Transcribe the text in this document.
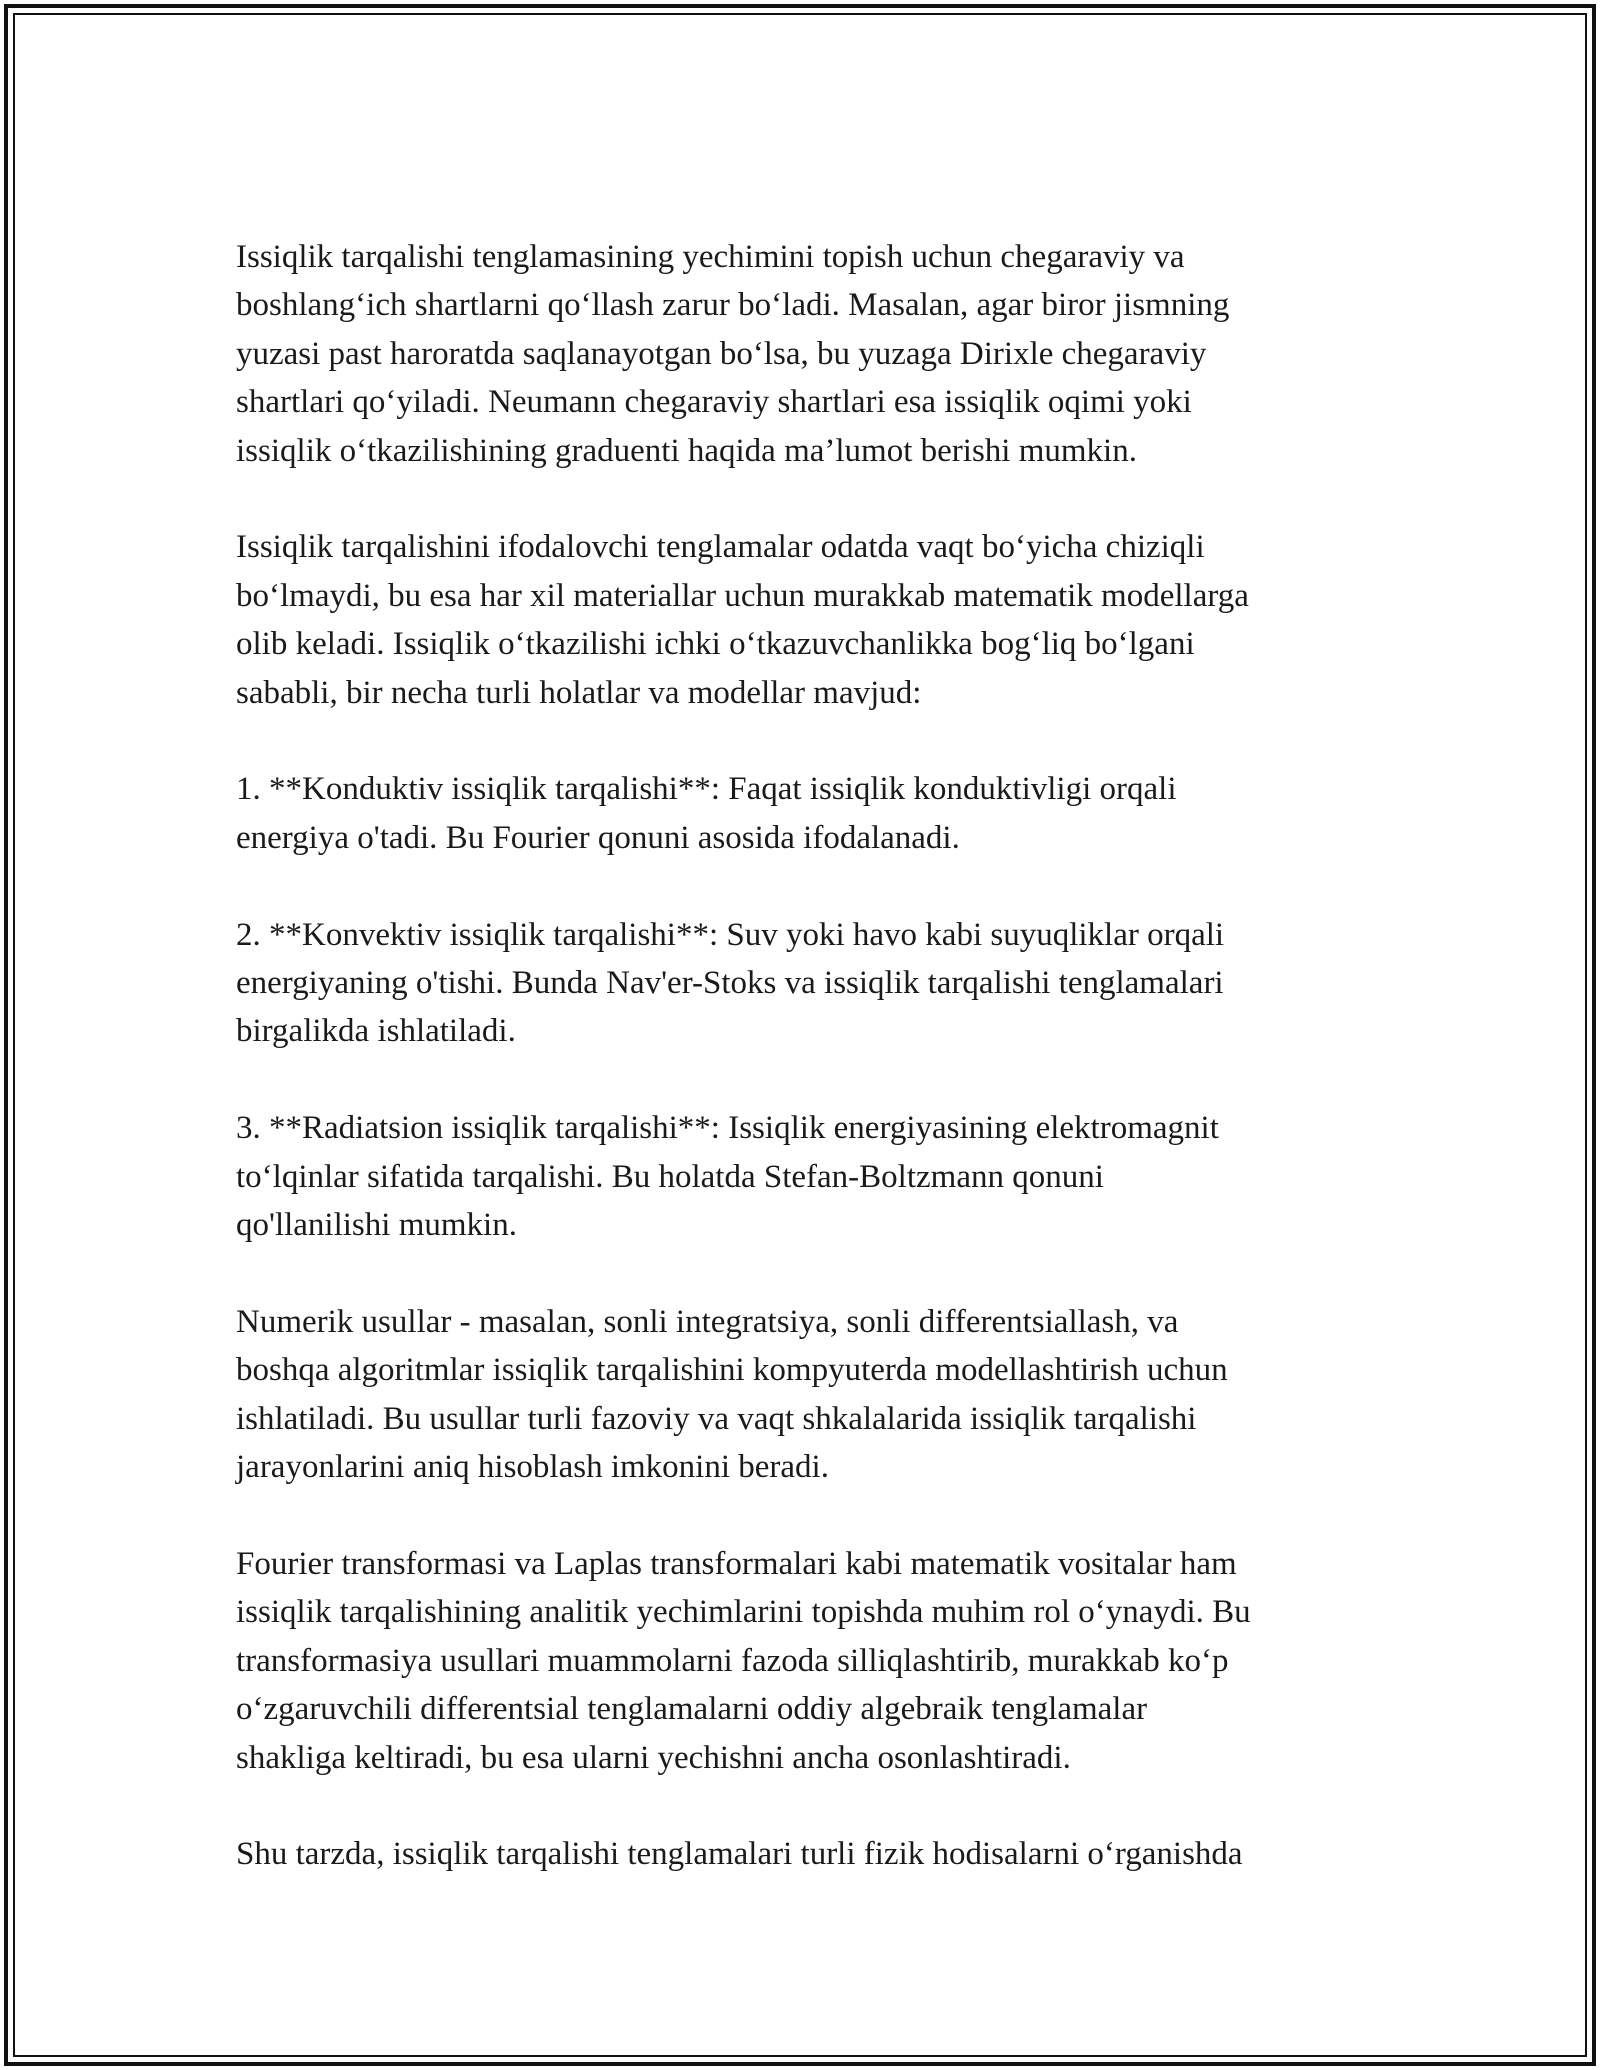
Issiqlik tarqalishi tenglamasining yechimini topish uchun chegaraviy va
boshlang‘ich shartlarni qo‘llash zarur bo‘ladi. Masalan, agar biror jismning
yuzasi past haroratda saqlanayotgan bo‘lsa, bu yuzaga Dirixle chegaraviy
shartlari qo‘yiladi. Neumann chegaraviy shartlari esa issiqlik oqimi yoki
issiqlik o‘tkazilishining graduenti haqida ma’lumot berishi mumkin.

Issiqlik tarqalishini ifodalovchi tenglamalar odatda vaqt bo‘yicha chiziqli
bo‘lmaydi, bu esa har xil materiallar uchun murakkab matematik modellarga
olib keladi. Issiqlik o‘tkazilishi ichki o‘tkazuvchanlikka bog‘liq bo‘lgani
sababli, bir necha turli holatlar va modellar mavjud:

1. **Konduktiv issiqlik tarqalishi**: Faqat issiqlik konduktivligi orqali
energiya o'tadi. Bu Fourier qonuni asosida ifodalanadi.

2. **Konvektiv issiqlik tarqalishi**: Suv yoki havo kabi suyuqliklar orqali
energiyaning o'tishi. Bunda Nav'er-Stoks va issiqlik tarqalishi tenglamalari
birgalikda ishlatiladi.

3. **Radiatsion issiqlik tarqalishi**: Issiqlik energiyasining elektromagnit
to‘lqinlar sifatida tarqalishi. Bu holatda Stefan-Boltzmann qonuni
qo'llanilishi mumkin.

Numerik usullar - masalan, sonli integratsiya, sonli differentsiallash, va
boshqa algoritmlar issiqlik tarqalishini kompyuterda modellashtirish uchun
ishlatiladi. Bu usullar turli fazoviy va vaqt shkalalarida issiqlik tarqalishi
jarayonlarini aniq hisoblash imkonini beradi.

Fourier transformasi va Laplas transformalari kabi matematik vositalar ham
issiqlik tarqalishining analitik yechimlarini topishda muhim rol o‘ynaydi. Bu
transformasiya usullari muammolarni fazoda silliqlashtirib, murakkab ko‘p
o‘zgaruvchili differentsial tenglamalarni oddiy algebraik tenglamalar
shakliga keltiradi, bu esa ularni yechishni ancha osonlashtiradi.

Shu tarzda, issiqlik tarqalishi tenglamalari turli fizik hodisalarni o‘rganishda
